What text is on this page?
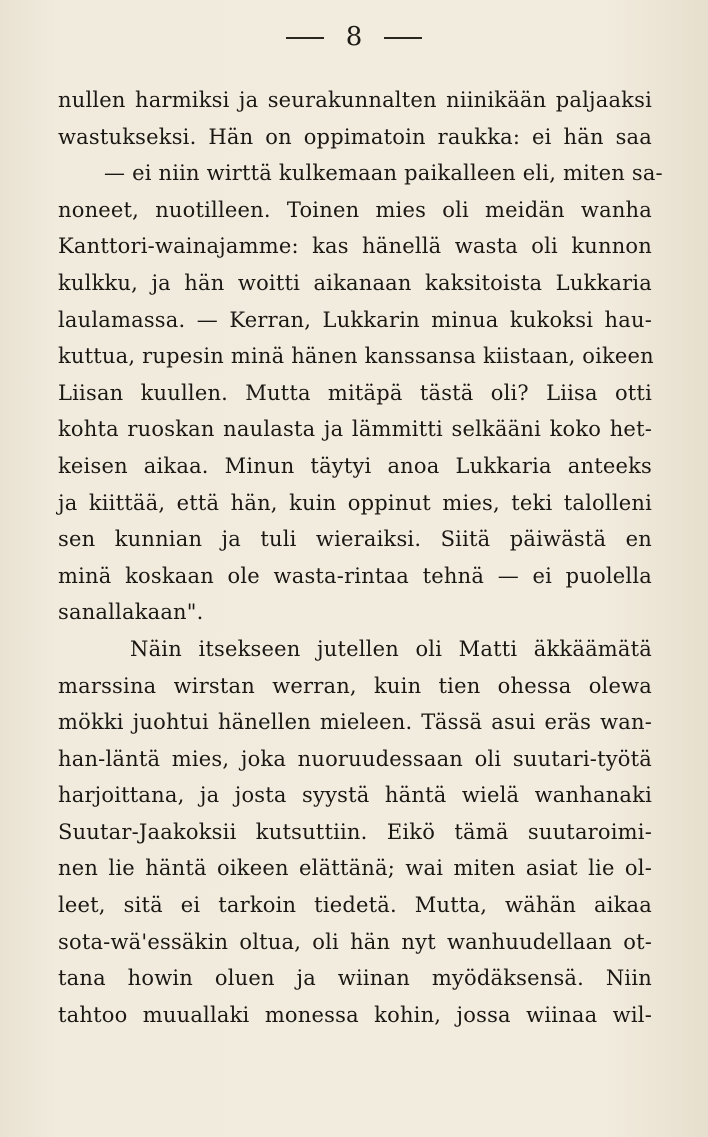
8
nullen harmiksi ja seurakunnalten niinikään paljaaksi
wastukseksi. Hän on oppimatoin raukka: ei hän saa
— ei niin wirttä kulkemaan paikalleen eli, miten sa-
noneet, nuotilleen. Toinen mies oli meidän wanha
Kanttori-wainajamme: kas hänellä wasta oli kunnon
kulkku, ja hän woitti aikanaan kaksitoista Lukkaria
laulamassa. — Kerran, Lukkarin minua kukoksi hau-
kuttua, rupesin minä hänen kanssansa kiistaan, oikeen
Liisan kuullen. Mutta mitäpä tästä oli? Liisa otti
kohta ruoskan naulasta ja lämmitti selkääni koko het-
keisen aikaa. Minun täytyi anoa Lukkaria anteeks
ja kiittää, että hän, kuin oppinut mies, teki talolleni
sen kunnian ja tuli wieraiksi. Siitä päiwästä en
minä koskaan ole wasta-rintaa tehnä — ei puolella
sanallakaan".
Näin itsekseen jutellen oli Matti äkkäämätä
marssina wirstan werran, kuin tien ohessa olewa
mökki juohtui hänellen mieleen. Tässä asui eräs wan-
han-läntä mies, joka nuoruudessaan oli suutari-työtä
harjoittana, ja josta syystä häntä wielä wanhanaki
Suutar-Jaakoksii kutsuttiin. Eikö tämä suutaroimi-
nen lie häntä oikeen elättänä; wai miten asiat lie ol-
leet, sitä ei tarkoin tiedetä. Mutta, wähän aikaa
sota-wä'essäkin oltua, oli hän nyt wanhuudellaan ot-
tana howin oluen ja wiinan myödäksensä. Niin
tahtoo muuallaki monessa kohin, jossa wiinaa wil-
